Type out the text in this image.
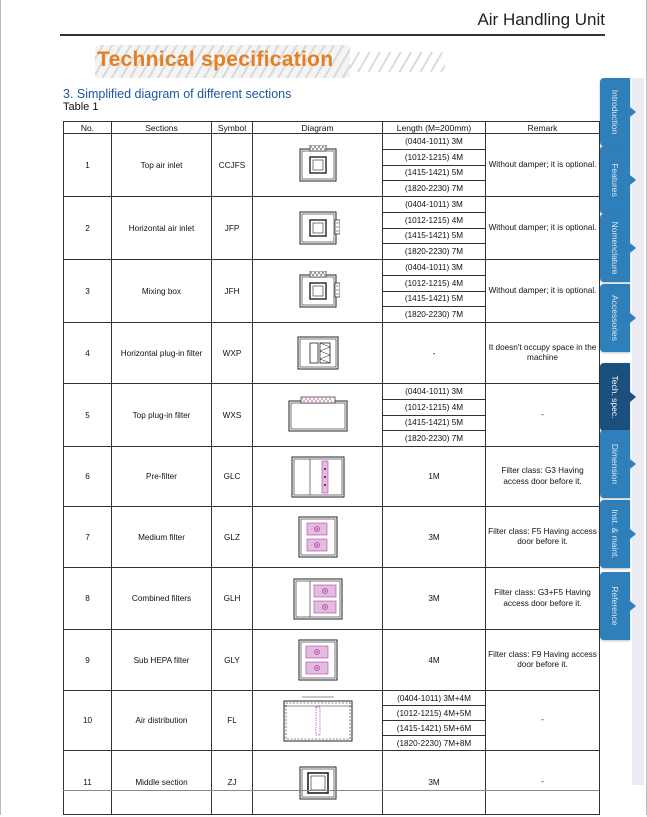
Air Handling Unit
Technical specification
3. Simplified diagram of different sections
Table 1
No.	Sections	Symbol	Diagram	Length (M=200mm)	Remark
1	Top air inlet	CCJFS		(0404-1011) 3M	Without damper; it is optional.
				(1012-1215) 4M	
				(1415-1421) 5M	
				(1820-2230) 7M	
2	Horizontal air inlet	JFP		(0404-1011) 3M	Without damper; it is optional.
				(1012-1215) 4M	
				(1415-1421) 5M	
				(1820-2230) 7M	
3	Mixing box	JFH		(0404-1011) 3M	Without damper; it is optional.
				(1012-1215) 4M	
				(1415-1421) 5M	
				(1820-2230) 7M	
4	Horizontal plug-in filter	WXP		-	It doesn't occupy space in the machine
5	Top plug-in filter	WXS		(0404-1011) 3M	-
				(1012-1215) 4M	
				(1415-1421) 5M	
				(1820-2230) 7M	
6	Pre-filter	GLC		1M	Filter class: G3 Having access door before it.
7	Medium filter	GLZ		3M	Filter class: F5 Having access door before it.
8	Combined filters	GLH		3M	Filter class: G3+F5 Having access door before it.
9	Sub HEPA filter	GLY		4M	Filter class: F9 Having access door before it.
10	Air distribution	FL		(0404-1011) 3M+4M	-
				(1012-1215) 4M+5M	
				(1415-1421) 5M+6M	
				(1820-2230) 7M+8M	
11	Middle section	ZJ		3M	-
Introduction
Features
Nomenclature
Accessories
Tech. spec.
Dimension
Inst. & maint.
Reference
